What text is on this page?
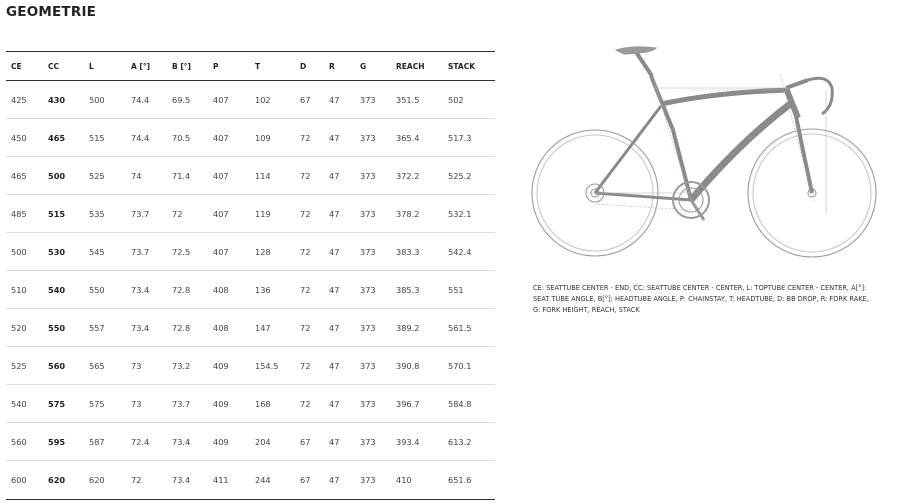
GEOMETRIE
CE	CC	L	A [°]	B [°]	P	T	D	R	G	REACH	STACK
425	430	500	74.4	69.5	407	102	67	47	373	351.5	502
450	465	515	74.4	70.5	407	109	72	47	373	365.4	517.3
465	500	525	74	71.4	407	114	72	47	373	372.2	525.2
485	515	535	73.7	72	407	119	72	47	373	378.2	532.1
500	530	545	73.7	72.5	407	128	72	47	373	383.3	542.4
510	540	550	73.4	72.8	408	136	72	47	373	385.3	551
520	550	557	73.4	72.8	408	147	72	47	373	389.2	561.5
525	560	565	73	73.2	409	154.5	72	47	373	390.8	570.1
540	575	575	73	73.7	409	168	72	47	373	396.7	584.8
560	595	587	72.4	73.4	409	204	67	47	373	393.4	613.2
600	620	620	72	73.4	411	244	67	47	373	410	651.6
CE: SEATTUBE CENTER - END, CC: SEATTUBE CENTER - CENTER, L: TOPTUBE CENTER - CENTER, A[°]: SEAT TUBE ANGLE, B[°]: HEADTUBE ANGLE, P: CHAINSTAY, T: HEADTUBE, D: BB DROP, R: FORK RAKE, G: FORK HEIGHT, REACH, STACK
